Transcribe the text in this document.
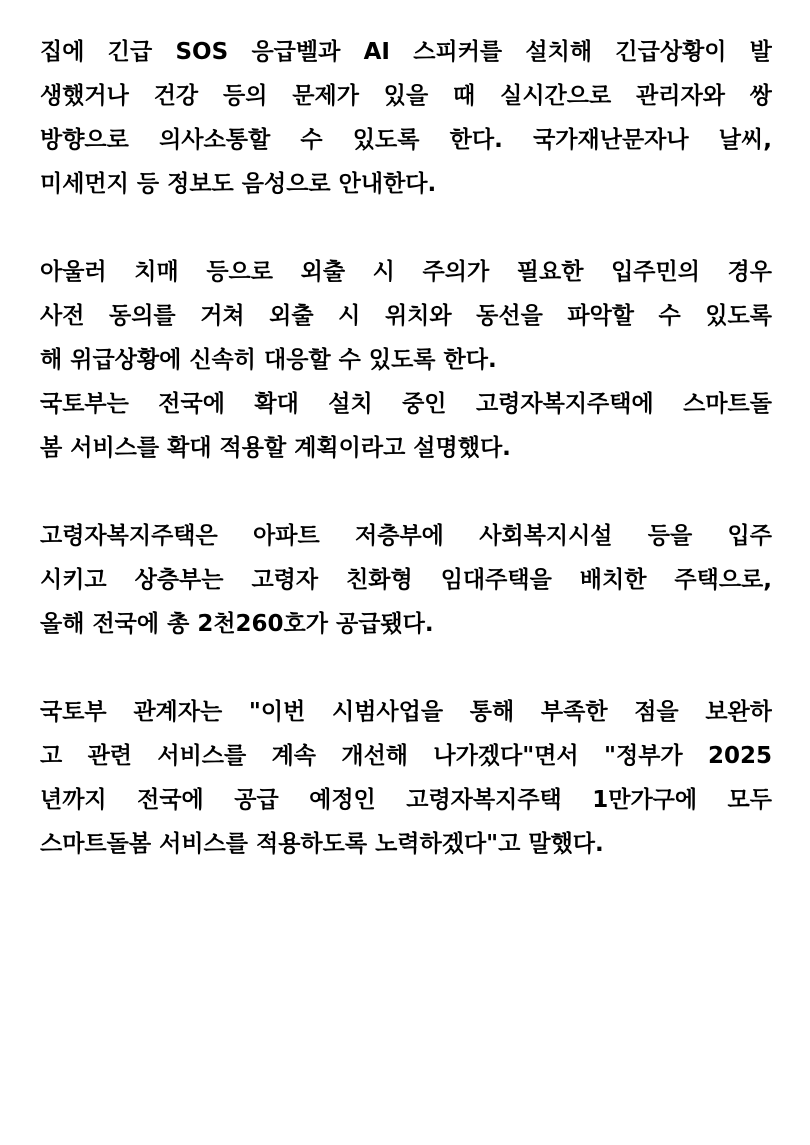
집에 긴급 SOS 응급벨과 AI 스피커를 설치해 긴급상황이 발
생했거나 건강 등의 문제가 있을 때 실시간으로 관리자와 쌍
방향으로 의사소통할 수 있도록 한다. 국가재난문자나 날씨,
미세먼지 등 정보도 음성으로 안내한다.
아울러 치매 등으로 외출 시 주의가 필요한 입주민의 경우
사전 동의를 거쳐 외출 시 위치와 동선을 파악할 수 있도록
해 위급상황에 신속히 대응할 수 있도록 한다.
국토부는 전국에 확대 설치 중인 고령자복지주택에 스마트돌
봄 서비스를 확대 적용할 계획이라고 설명했다.
고령자복지주택은 아파트 저층부에 사회복지시설 등을 입주
시키고 상층부는 고령자 친화형 임대주택을 배치한 주택으로,
올해 전국에 총 2천260호가 공급됐다.
국토부 관계자는 "이번 시범사업을 통해 부족한 점을 보완하
고 관련 서비스를 계속 개선해 나가겠다"면서 "정부가 2025
년까지 전국에 공급 예정인 고령자복지주택 1만가구에 모두
스마트돌봄 서비스를 적용하도록 노력하겠다"고 말했다.
